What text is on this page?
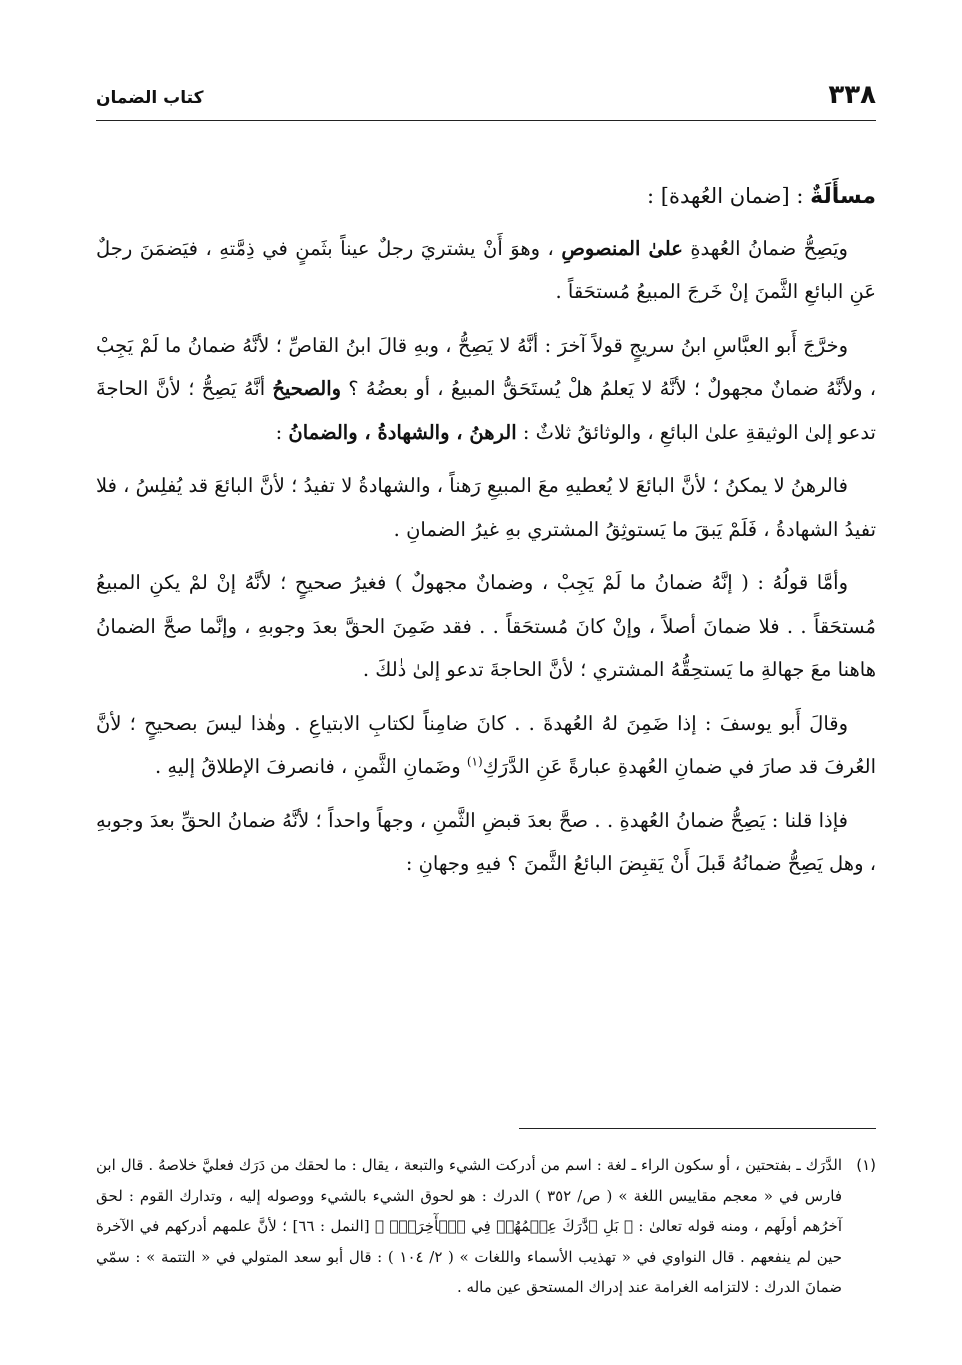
٣٣٨
كتاب الضمان
مسأَلَةٌ : [ضمان العُهدة] :

ويَصِحُّ ضمانُ العُهدةِ علىٰ المنصوصِ ، وهوَ أَنْ يشتريَ رجلٌ عيناً بثَمنٍ في ذِمَّتهِ ، فيَضمَنَ رجلٌ عَنِ البائعِ الثَّمنَ إنْ خَرجَ المبيعُ مُستحَقاً .

وخرَّجَ أَبو العبَّاسِ ابنُ سريجٍ قولاً آخرَ : أنَّهُ لا يَصِحُّ ، وبهِ قالَ ابنُ القاصِّ ؛ لأنَّهُ ضمانُ ما لَمْ يَجِبْ ، ولأنَّهُ ضمانٌ مجهولٌ ؛ لأنَّهُ لا يَعلمُ هلْ يُستَحَقُّ المبيعُ ، أو بعضُهُ ؟ والصحيحُ أنَّهُ يَصِحُّ ؛ لأنَّ الحاجةَ تدعو إلىٰ الوثيقةِ علىٰ البائعِ ، والوثائقُ ثلاثٌ : الرهنُ ، والشهادةُ ، والضمانُ :

فالرهنُ لا يمكنُ ؛ لأنَّ البائعَ لا يُعطيهِ معَ المبيعِ رَهناً ، والشهادةُ لا تفيدُ ؛ لأنَّ البائعَ قد يُفلِسُ ، فلا تفيدُ الشهادةُ ، فَلَمْ يَبقَ ما يَستوثِقُ المشتري بهِ غيرُ الضمانِ .

وأمَّا قولُهُ : ( إنَّهُ ضمانُ ما لَمْ يَجِبْ ، وضمانٌ مجهولٌ ) فغيرُ صحيحٍ ؛ لأنَّهُ إنْ لمْ يكنِ المبيعُ مُستحَقاً . . فلا ضمانَ أصلاً ، وإنْ كانَ مُستحَقاً . . فقد ضَمِنَ الحقَّ بعدَ وجوبهِ ، وإنَّما صحَّ الضمانُ هاهنا معَ جهالةِ ما يَستحِقُّهُ المشتري ؛ لأنَّ الحاجةَ تدعو إلىٰ ذٰلكَ .

وقالَ أَبو يوسفَ : إذا ضَمِنَ لهُ العُهدةَ . . كانَ ضامِناً لكتابِ الابتياعِ . وهٰذا ليسَ بصحيحٍ ؛ لأنَّ العُرفَ قد صارَ في ضمانِ العُهدةِ عبارةً عَنِ الدَّرَكِ$^{(١)}$ وضَمانِ الثَّمنِ ، فانصرفَ الإطلاقُ إليهِ .

فإذا قلنا : يَصِحُّ ضمانُ العُهدةِ . . صحَّ بعدَ قبضِ الثَّمنِ ، وجهاً واحداً ؛ لأنَّهُ ضمانُ الحقِّ بعدَ وجوبهِ ، وهل يَصِحُّ ضمانُهُ قَبلَ أَنْ يَقبِضَ البائعُ الثَّمنَ ؟ فيهِ وجهانِ :

(١)
الدَّرَك ـ بفتحتين ، أو سكون الراء ـ لغة : اسم من أدركت الشيء والتبعة ، يقال : ما لحقك من دَرَك فعليَّ خلاصهُ . قال ابن فارس في « معجم مقاييس اللغة » ( ص/ ٣٥٢ ) الدرك : هو لحوق الشيء بالشيء ووصوله إليه ، وتدارك القوم : لحق آخرُهم أولَهم ، ومنه قوله تعالىٰ : ﴿ بَلِ ٱدَّٰرَكَ عِلۡمُهُمۡ فِي ٱلۡأٓخِرَةِۚ ﴾ [النمل : ٦٦] ؛ لأنَّ علمهم أدركهم في الآخرة حين لم ينفعهم . قال النواوي في « تهذيب الأسماء واللغات » ( ٢/ ١٠٤ ) : قال أبو سعد المتولي في « التتمة » : سمّي ضمانَ الدرك : لالتزامه الغرامة عند إدراك المستحق عين ماله .
